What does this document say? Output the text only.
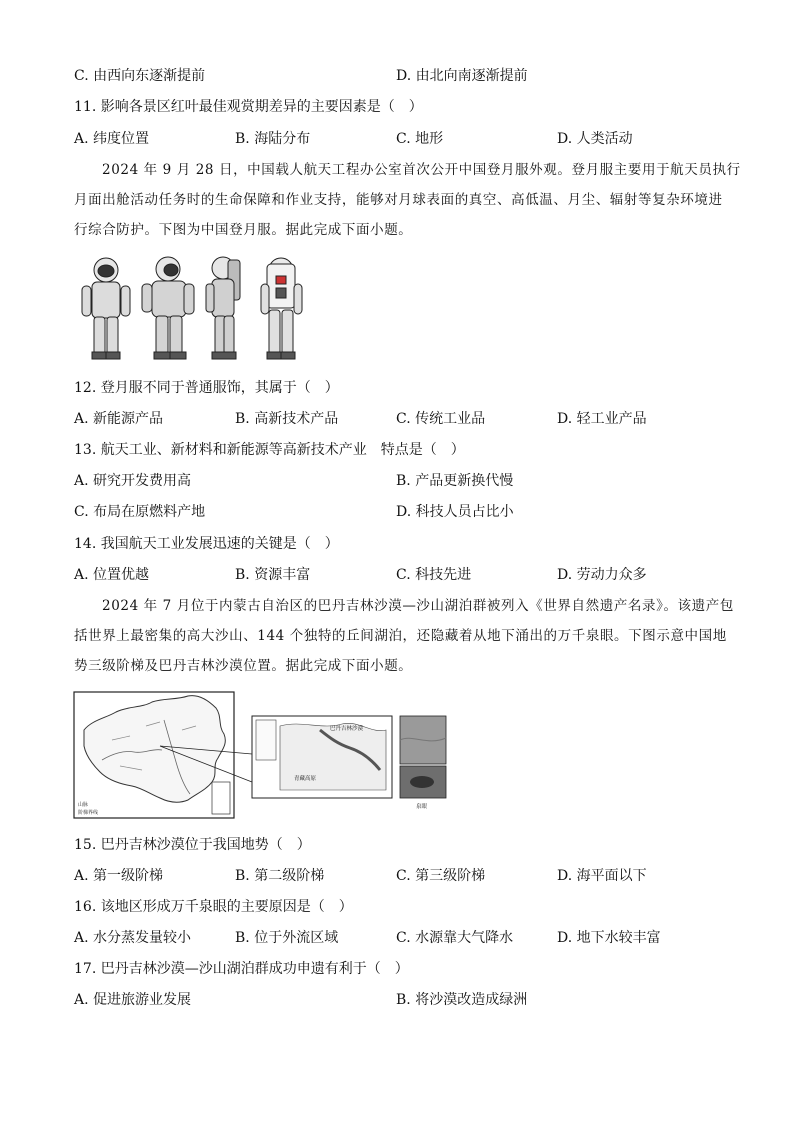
C. 由西向东逐渐提前	D. 由北向南逐渐提前
11. 影响各景区红叶最佳观赏期差异的主要因素是（　）
A. 纬度位置	B. 海陆分布	C. 地形	D. 人类活动

2024 年 9 月 28 日，中国载人航天工程办公室首次公开中国登月服外观。登月服主要用于航天员执行

月面出舱活动任务时的生命保障和作业支持，能够对月球表面的真空、高低温、月尘、辐射等复杂环境进

行综合防护。下图为中国登月服。据此完成下面小题。

12. 登月服不同于普通服饰，其属于（　）
A. 新能源产品	B. 高新技术产品	C. 传统工业品	D. 轻工业产品
13. 航天工业、新材料和新能源等高新技术产业　特点是（　）
A. 研究开发费用高	B. 产品更新换代慢
C. 布局在原燃料产地	D. 科技人员占比小
14. 我国航天工业发展迅速的关键是（　）
A. 位置优越	B. 资源丰富	C. 科技先进	D. 劳动力众多

2024 年 7 月位于内蒙古自治区的巴丹吉林沙漠—沙山湖泊群被列入《世界自然遗产名录》。该遗产包

括世界上最密集的高大沙山、144 个独特的丘间湖泊，还隐藏着从地下涌出的万千泉眼。下图示意中国地

势三级阶梯及巴丹吉林沙漠位置。据此完成下面小题。

山脉
阶梯界线
巴丹吉林沙漠
青藏高原
泉眼
15. 巴丹吉林沙漠位于我国地势（　）
A. 第一级阶梯	B. 第二级阶梯	C. 第三级阶梯	D. 海平面以下
16. 该地区形成万千泉眼的主要原因是（　）
A. 水分蒸发量较小	B. 位于外流区域	C. 水源靠大气降水	D. 地下水较丰富
17. 巴丹吉林沙漠—沙山湖泊群成功申遗有利于（　）
A. 促进旅游业发展	B. 将沙漠改造成绿洲
